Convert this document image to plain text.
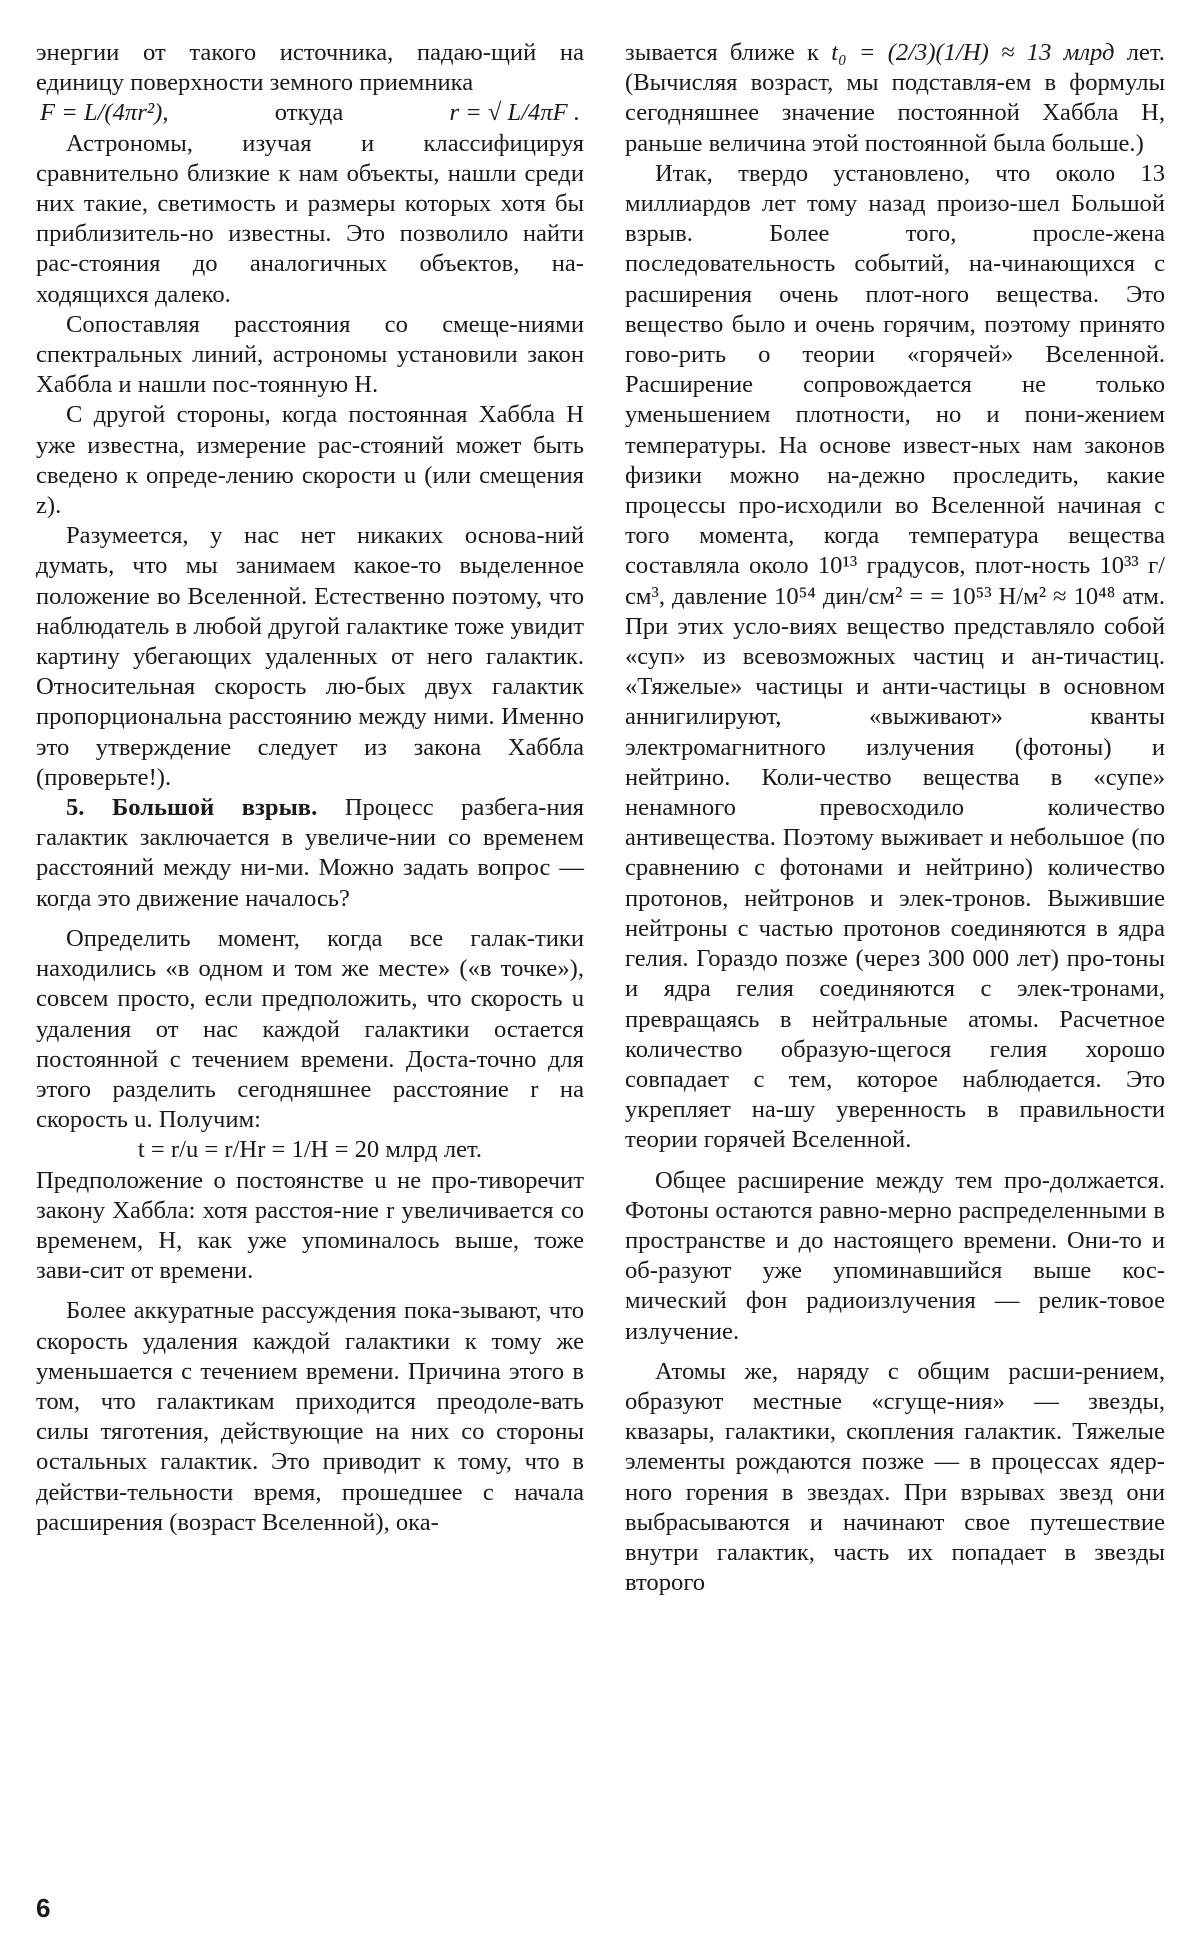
энергии от такого источника, падаю-щий на единицу поверхности земного приемника

F = L/(4πr²),	откуда	r = √ L/4πF .

Астрономы, изучая и классифицируя сравнительно близкие к нам объекты, нашли среди них такие, светимость и размеры которых хотя бы приблизитель-но известны. Это позволило найти рас-стояния до аналогичных объектов, на-ходящихся далеко.

Сопоставляя расстояния со смеще-ниями спектральных линий, астрономы установили закон Хаббла и нашли пос-тоянную H.

С другой стороны, когда постоянная Хаббла H уже известна, измерение рас-стояний может быть сведено к опреде-лению скорости u (или смещения z).

Разумеется, у нас нет никаких основа-ний думать, что мы занимаем какое-то выделенное положение во Вселенной. Естественно поэтому, что наблюдатель в любой другой галактике тоже увидит картину убегающих удаленных от него галактик. Относительная скорость лю-бых двух галактик пропорциональна расстоянию между ними. Именно это утверждение следует из закона Хаббла (проверьте!).

5. Большой взрыв. Процесс разбега-ния галактик заключается в увеличе-нии со временем расстояний между ни-ми. Можно задать вопрос — когда это движение началось?

Определить момент, когда все галак-тики находились «в одном и том же месте» («в точке»), совсем просто, если предположить, что скорость u удаления от нас каждой галактики остается постоянной с течением времени. Доста-точно для этого разделить сегодняшнее расстояние r на скорость u. Получим:

t = r/u = r/Hr = 1/H = 20 млрд лет.

Предположение о постоянстве u не про-тиворечит закону Хаббла: хотя расстоя-ние r увеличивается со временем, H, как уже упоминалось выше, тоже зави-сит от времени.

Более аккуратные рассуждения пока-зывают, что скорость удаления каждой галактики к тому же уменьшается с течением времени. Причина этого в том, что галактикам приходится преодоле-вать силы тяготения, действующие на них со стороны остальных галактик. Это приводит к тому, что в действи-тельности время, прошедшее с начала расширения (возраст Вселенной), ока-

зывается ближе к t₀ = (2/3)(1/H) ≈ 13 млрд лет. (Вычисляя возраст, мы подставля-ем в формулы сегодняшнее значение постоянной Хаббла H, раньше величина этой постоянной была больше.)

Итак, твердо установлено, что около 13 миллиардов лет тому назад произо-шел Большой взрыв. Более того, просле-жена последовательность событий, на-чинающихся с расширения очень плот-ного вещества. Это вещество было и очень горячим, поэтому принято гово-рить о теории «горячей» Вселенной. Расширение сопровождается не только уменьшением плотности, но и пони-жением температуры. На основе извест-ных нам законов физики можно на-дежно проследить, какие процессы про-исходили во Вселенной начиная с того момента, когда температура вещества составляла около 10¹³ градусов, плот-ность 10³³ г/см³, давление 10⁵⁴ дин/см² = = 10⁵³ Н/м² ≈ 10⁴⁸ атм. При этих усло-виях вещество представляло собой «суп» из всевозможных частиц и ан-тичастиц. «Тяжелые» частицы и анти-частицы в основном аннигилируют, «выживают» кванты электромагнитного излучения (фотоны) и нейтрино. Коли-чество вещества в «супе» ненамного превосходило количество антивещества. Поэтому выживает и небольшое (по сравнению с фотонами и нейтрино) количество протонов, нейтронов и элек-тронов. Выжившие нейтроны с частью протонов соединяются в ядра гелия. Гораздо позже (через 300 000 лет) про-тоны и ядра гелия соединяются с элек-тронами, превращаясь в нейтральные атомы. Расчетное количество образую-щегося гелия хорошо совпадает с тем, которое наблюдается. Это укрепляет на-шу уверенность в правильности теории горячей Вселенной.

Общее расширение между тем про-должается. Фотоны остаются равно-мерно распределенными в пространстве и до настоящего времени. Они-то и об-разуют уже упоминавшийся выше кос-мический фон радиоизлучения — релик-товое излучение.

Атомы же, наряду с общим расши-рением, образуют местные «сгуще-ния» — звезды, квазары, галактики, скопления галактик. Тяжелые элементы рождаются позже — в процессах ядер-ного горения в звездах. При взрывах звезд они выбрасываются и начинают свое путешествие внутри галактик, часть их попадает в звезды второго

6
